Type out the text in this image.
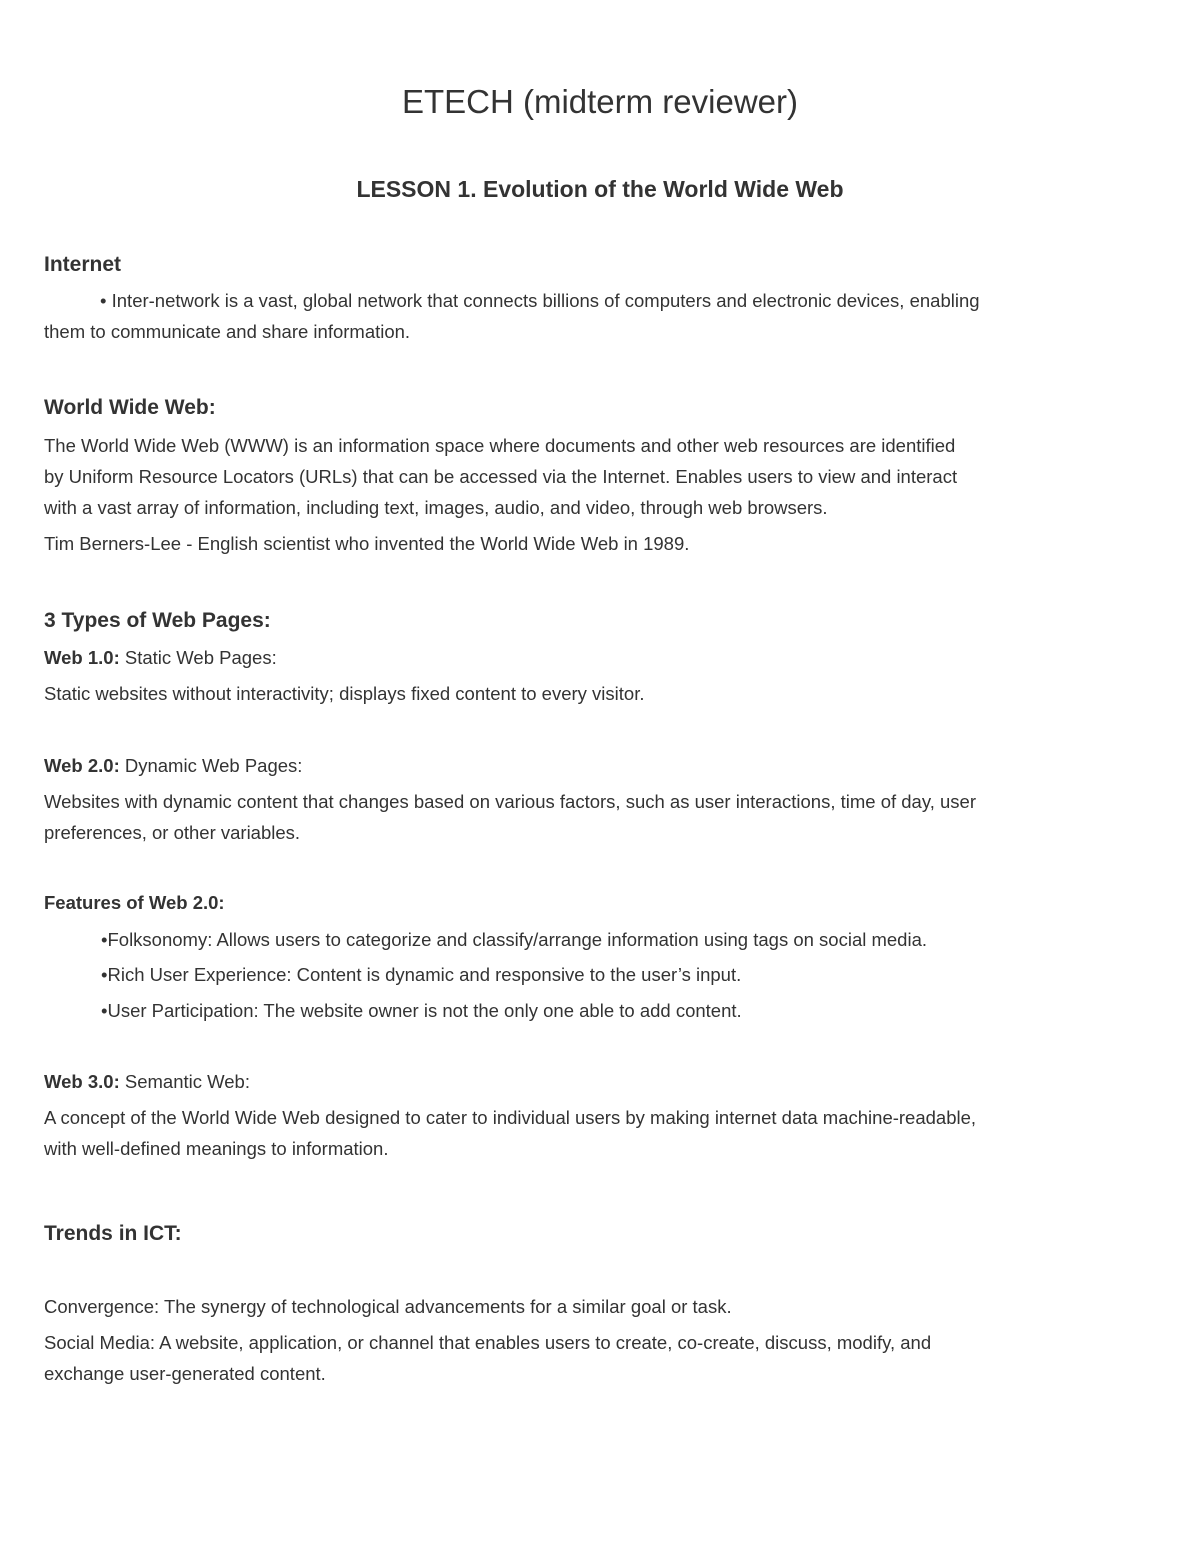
ETECH (midterm reviewer)
LESSON 1. Evolution of the World Wide Web
Internet
• Inter-network is a vast, global network that connects billions of computers and electronic devices, enabling
them to communicate and share information.
World Wide Web:
The World Wide Web (WWW) is an information space where documents and other web resources are identified
by Uniform Resource Locators (URLs) that can be accessed via the Internet. Enables users to view and interact
with a vast array of information, including text, images, audio, and video, through web browsers.
Tim Berners-Lee - English scientist who invented the World Wide Web in 1989.
3 Types of Web Pages:
Web 1.0: Static Web Pages:
Static websites without interactivity; displays fixed content to every visitor.
Web 2.0: Dynamic Web Pages:
Websites with dynamic content that changes based on various factors, such as user interactions, time of day, user
preferences, or other variables.
Features of Web 2.0:
•Folksonomy: Allows users to categorize and classify/arrange information using tags on social media.
•Rich User Experience: Content is dynamic and responsive to the user’s input.
•User Participation: The website owner is not the only one able to add content.
Web 3.0: Semantic Web:
A concept of the World Wide Web designed to cater to individual users by making internet data machine-readable,
with well-defined meanings to information.
Trends in ICT:
Convergence: The synergy of technological advancements for a similar goal or task.
Social Media: A website, application, or channel that enables users to create, co-create, discuss, modify, and
exchange user-generated content.
